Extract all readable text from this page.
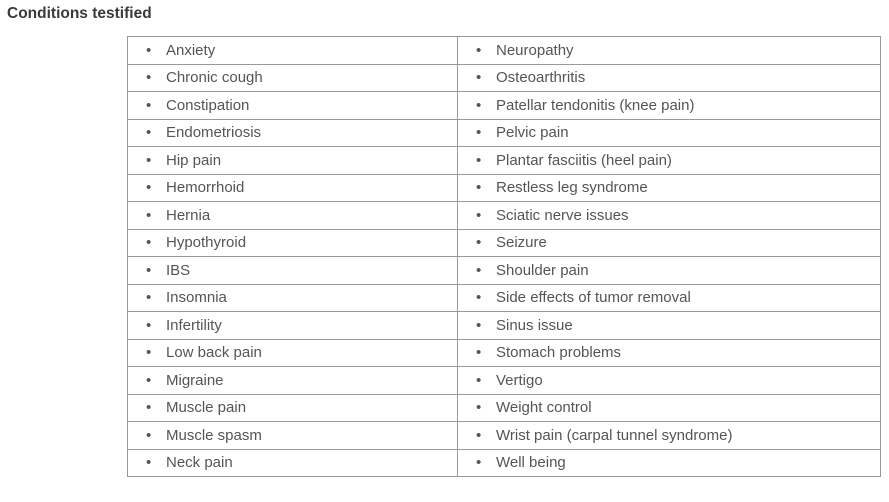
Conditions testified
• Anxiety	• Neuropathy
• Chronic cough	• Osteoarthritis
• Constipation	• Patellar tendonitis (knee pain)
• Endometriosis	• Pelvic pain
• Hip pain	• Plantar fasciitis (heel pain)
• Hemorrhoid	• Restless leg syndrome
• Hernia	• Sciatic nerve issues
• Hypothyroid	• Seizure
• IBS	• Shoulder pain
• Insomnia	• Side effects of tumor removal
• Infertility	• Sinus issue
• Low back pain	• Stomach problems
• Migraine	• Vertigo
• Muscle pain	• Weight control
• Muscle spasm	• Wrist pain (carpal tunnel syndrome)
• Neck pain	• Well being
